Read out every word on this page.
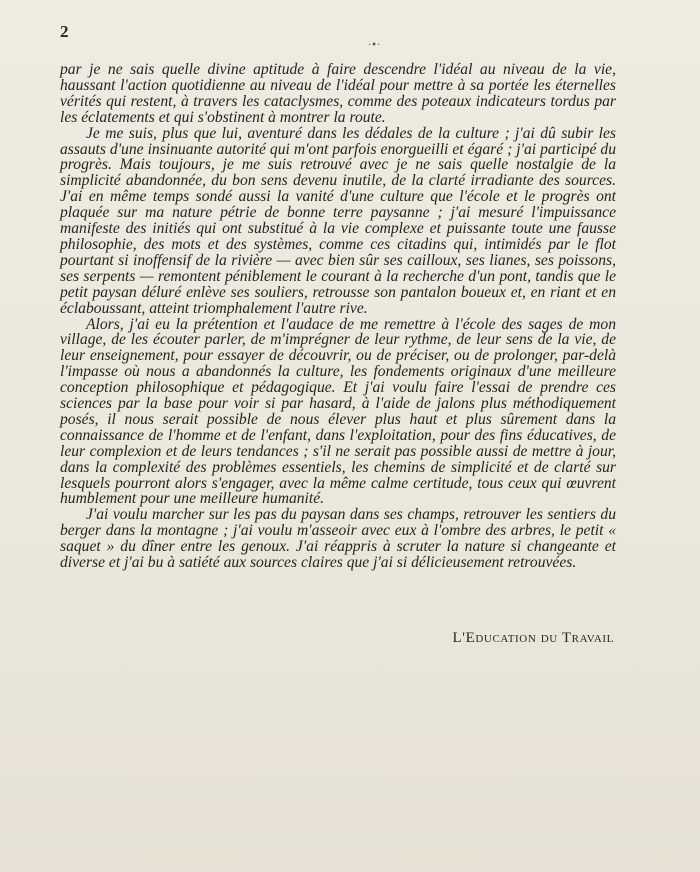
2
·•·

par je ne sais quelle divine aptitude à faire descendre l'idéal au niveau de la vie, haussant l'action quotidienne au niveau de l'idéal pour mettre à sa portée les éternelles vérités qui restent, à travers les cataclysmes, comme des poteaux indicateurs tordus par les éclatements et qui s'obstinent à montrer la route.

Je me suis, plus que lui, aventuré dans les dédales de la culture ; j'ai dû subir les assauts d'une insinuante autorité qui m'ont parfois enorgueilli et égaré ; j'ai participé du progrès. Mais toujours, je me suis retrouvé avec je ne sais quelle nostalgie de la simplicité abandonnée, du bon sens devenu inutile, de la clarté irradiante des sources. J'ai en même temps sondé aussi la vanité d'une culture que l'école et le progrès ont plaquée sur ma nature pétrie de bonne terre paysanne ; j'ai mesuré l'impuissance manifeste des initiés qui ont substitué à la vie complexe et puissante toute une fausse philosophie, des mots et des systèmes, comme ces citadins qui, intimidés par le flot pourtant si inoffensif de la rivière — avec bien sûr ses cailloux, ses lianes, ses poissons, ses serpents — remontent péniblement le courant à la recherche d'un pont, tandis que le petit paysan déluré enlève ses souliers, retrousse son pantalon boueux et, en riant et en éclaboussant, atteint triomphalement l'autre rive.

Alors, j'ai eu la prétention et l'audace de me remettre à l'école des sages de mon village, de les écouter parler, de m'imprégner de leur rythme, de leur sens de la vie, de leur enseignement, pour essayer de découvrir, ou de préciser, ou de prolonger, par-delà l'impasse où nous a abandonnés la culture, les fondements originaux d'une meilleure conception philosophique et pédagogique. Et j'ai voulu faire l'essai de prendre ces sciences par la base pour voir si par hasard, à l'aide de jalons plus méthodiquement posés, il nous serait possible de nous élever plus haut et plus sûrement dans la connaissance de l'homme et de l'enfant, dans l'exploitation, pour des fins éducatives, de leur complexion et de leurs tendances ; s'il ne serait pas possible aussi de mettre à jour, dans la complexité des problèmes essentiels, les chemins de simplicité et de clarté sur lesquels pourront alors s'engager, avec la même calme certitude, tous ceux qui œuvrent humblement pour une meilleure humanité.

J'ai voulu marcher sur les pas du paysan dans ses champs, retrouver les sentiers du berger dans la montagne ; j'ai voulu m'asseoir avec eux à l'ombre des arbres, le petit « saquet » du dîner entre les genoux. J'ai réappris à scruter la nature si changeante et diverse et j'ai bu à satiété aux sources claires que j'ai si délicieusement retrouvées.

L'Education du Travail
